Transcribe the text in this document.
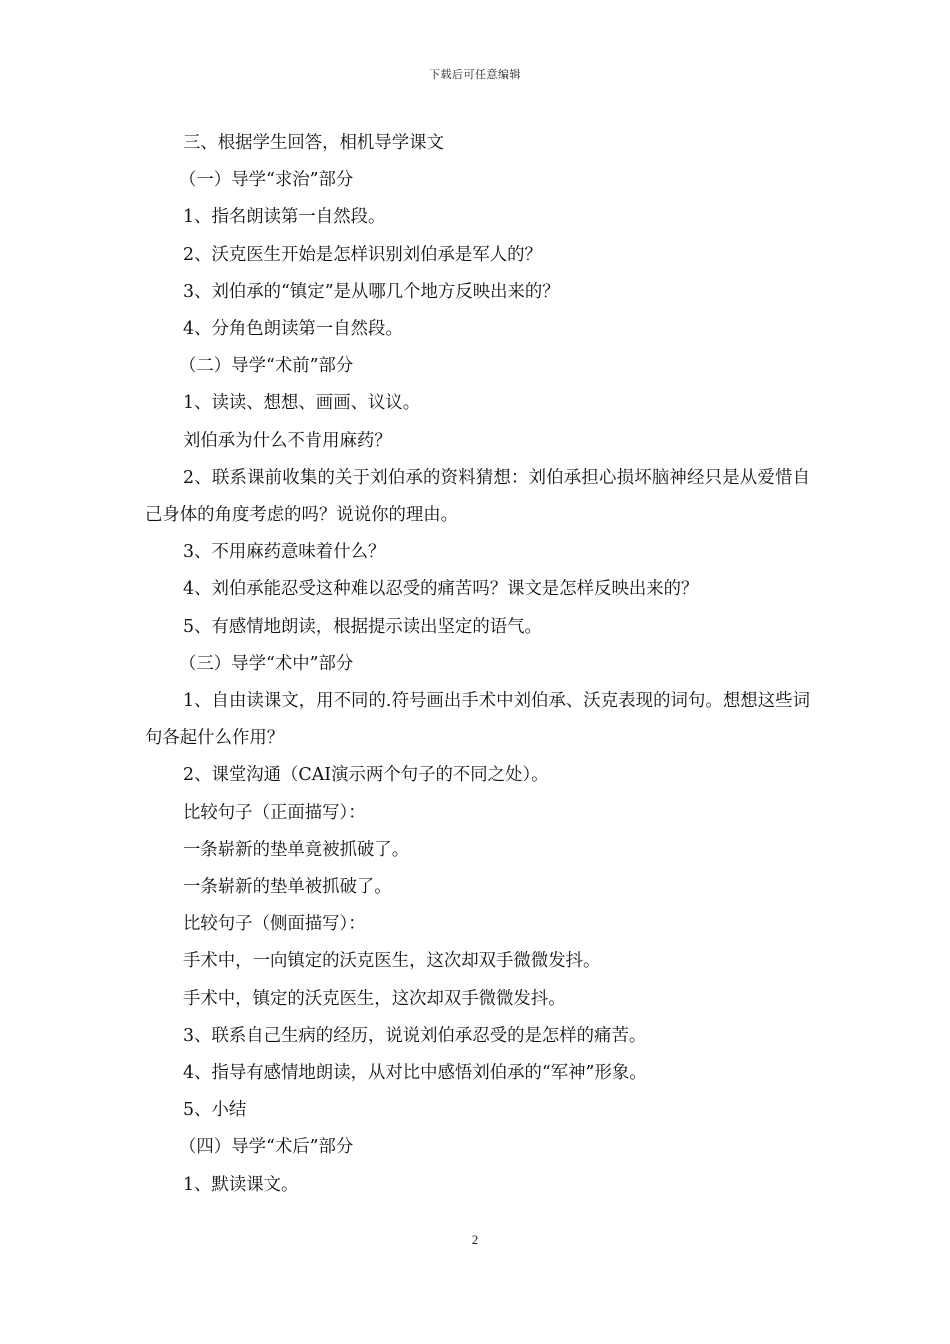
下载后可任意编辑

三、根据学生回答，相机导学课文

（一）导学“求治”部分

1、指名朗读第一自然段。

2、沃克医生开始是怎样识别刘伯承是军人的？

3、刘伯承的“镇定”是从哪几个地方反映出来的？

4、分角色朗读第一自然段。

（二）导学“术前”部分

1、读读、想想、画画、议议。

刘伯承为什么不肯用麻药？

2、联系课前收集的关于刘伯承的资料猜想：刘伯承担心损坏脑神经只是从爱惜自己身体的角度考虑的吗？说说你的理由。

3、不用麻药意味着什么？

4、刘伯承能忍受这种难以忍受的痛苦吗？课文是怎样反映出来的？

5、有感情地朗读，根据提示读出坚定的语气。

（三）导学“术中”部分

1、自由读课文，用不同的.符号画出手术中刘伯承、沃克表现的词句。想想这些词句各起什么作用？

2、课堂沟通（CAI演示两个句子的不同之处）。

比较句子（正面描写）：

一条崭新的垫单竟被抓破了。

一条崭新的垫单被抓破了。

比较句子（侧面描写）：

手术中，一向镇定的沃克医生，这次却双手微微发抖。

手术中，镇定的沃克医生，这次却双手微微发抖。

3、联系自己生病的经历，说说刘伯承忍受的是怎样的痛苦。

4、指导有感情地朗读，从对比中感悟刘伯承的“军神”形象。

5、小结

（四）导学“术后”部分

1、默读课文。

2
